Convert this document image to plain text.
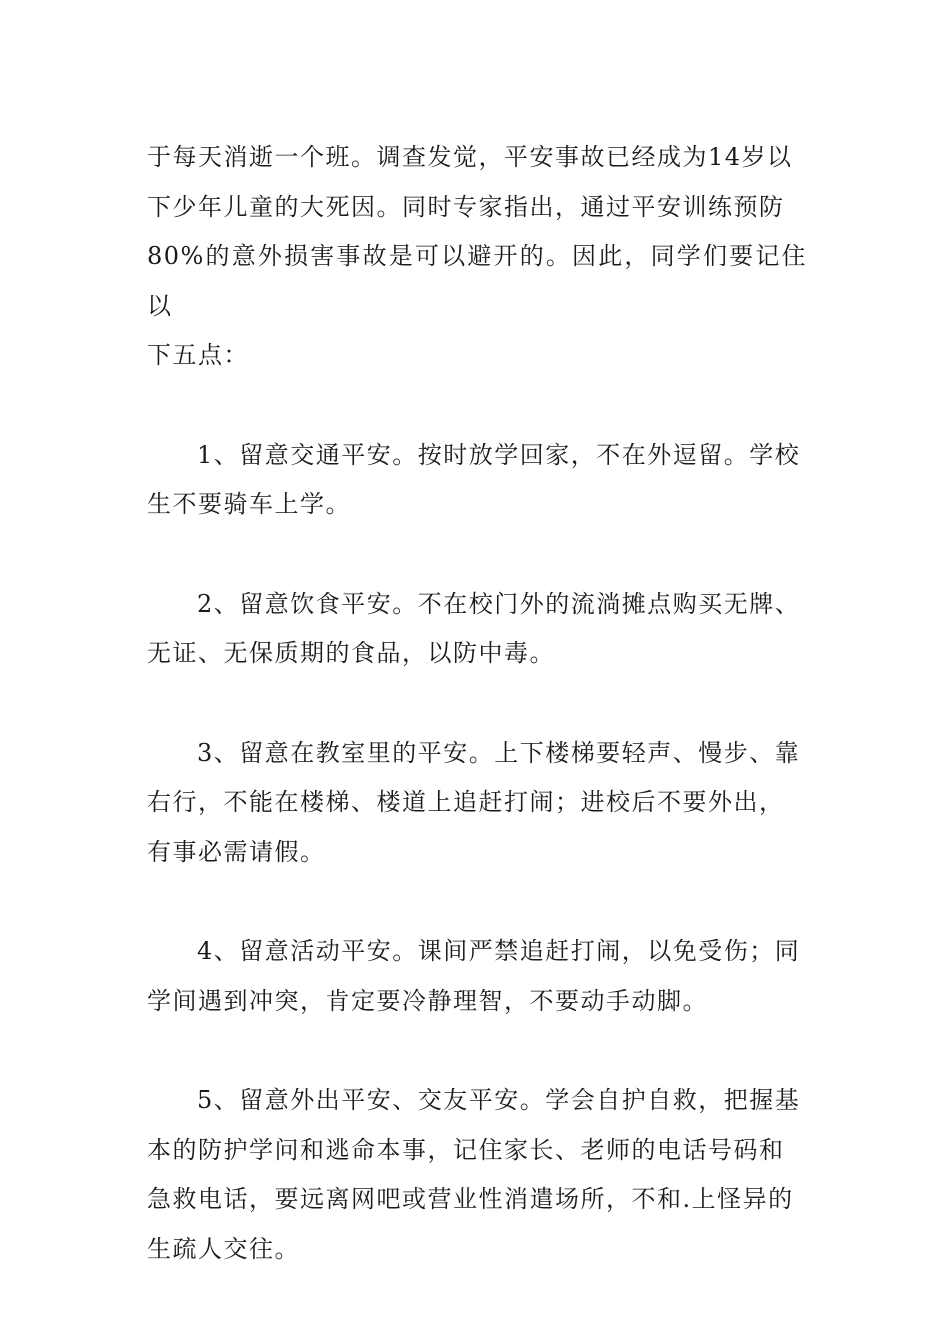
于每天消逝一个班。调查发觉，平安事故已经成为14岁以
下少年儿童的大死因。同时专家指出，通过平安训练预防
80%的意外损害事故是可以避开的。因此，同学们要记住以
下五点：
1、留意交通平安。按时放学回家，不在外逗留。学校
生不要骑车上学。
2、留意饮食平安。不在校门外的流淌摊点购买无牌、
无证、无保质期的食品，以防中毒。
3、留意在教室里的平安。上下楼梯要轻声、慢步、靠
右行，不能在楼梯、楼道上追赶打闹；进校后不要外出，
有事必需请假。
4、留意活动平安。课间严禁追赶打闹，以免受伤；同
学间遇到冲突，肯定要冷静理智，不要动手动脚。
5、留意外出平安、交友平安。学会自护自救，把握基
本的防护学问和逃命本事，记住家长、老师的电话号码和
急救电话，要远离网吧或营业性消遣场所，不和.上怪异的
生疏人交往。
